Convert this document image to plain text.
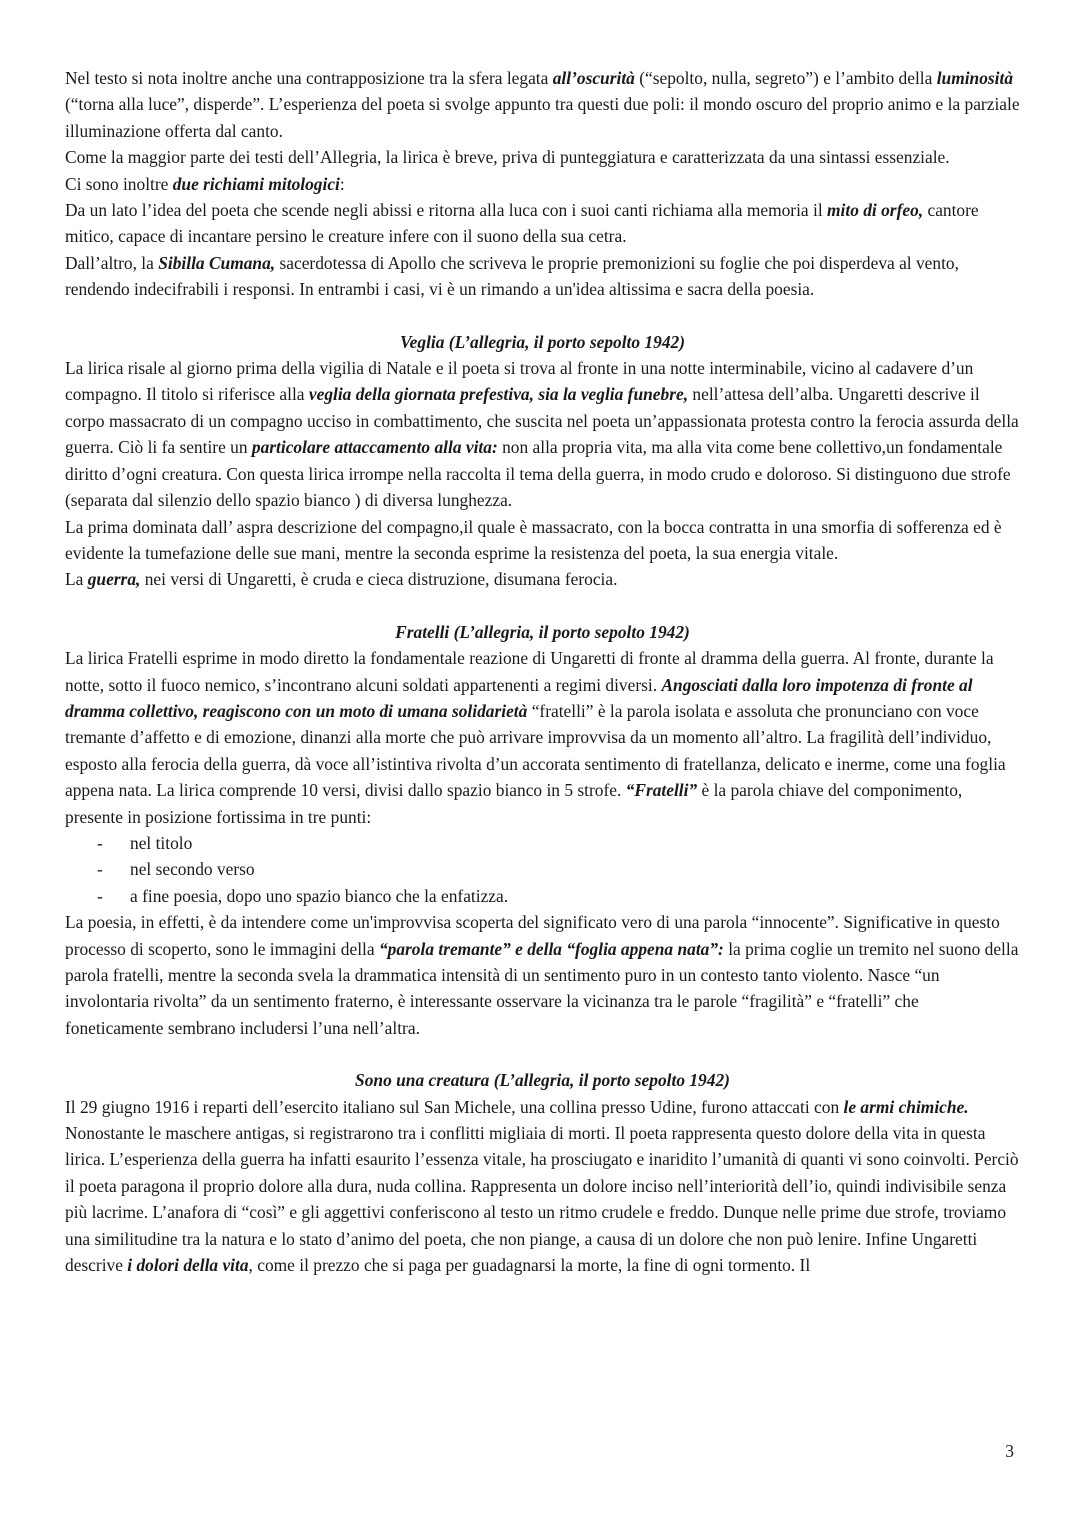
Nel testo si nota inoltre anche una contrapposizione tra la sfera legata all’oscurità (“sepolto, nulla, segreto”) e l’ambito della luminosità (“torna alla luce”, disperde”. L’esperienza del poeta si svolge appunto tra questi due poli: il mondo oscuro del proprio animo e la parziale illuminazione offerta dal canto.

Come la maggior parte dei testi dell’Allegria, la lirica è breve, priva di punteggiatura e caratterizzata da una sintassi essenziale.

Ci sono inoltre due richiami mitologici:

Da un lato l’idea del poeta che scende negli abissi e ritorna alla luca con i suoi canti richiama alla memoria il mito di orfeo, cantore mitico, capace di incantare persino le creature infere con il suono della sua cetra.

Dall’altro, la Sibilla Cumana, sacerdotessa di Apollo che scriveva le proprie premonizioni su foglie che poi disperdeva al vento, rendendo indecifrabili i responsi. In entrambi i casi, vi è un rimando a un'idea altissima e sacra della poesia.

Veglia (L’allegria, il porto sepolto 1942)

La lirica risale al giorno prima della vigilia di Natale e il poeta si trova al fronte in una notte interminabile, vicino al cadavere d’un compagno. Il titolo si riferisce alla veglia della giornata prefestiva, sia la veglia funebre, nell’attesa dell’alba. Ungaretti descrive il corpo massacrato di un compagno ucciso in combattimento, che suscita nel poeta un’appassionata protesta contro la ferocia assurda della guerra. Ciò li fa sentire un particolare attaccamento alla vita: non alla propria vita, ma alla vita come bene collettivo,un fondamentale diritto d’ogni creatura. Con questa lirica irrompe nella raccolta il tema della guerra, in modo crudo e doloroso. Si distinguono due strofe (separata dal silenzio dello spazio bianco ) di diversa lunghezza.

La prima dominata dall’ aspra descrizione del compagno,il quale è massacrato, con la bocca contratta in una smorfia di sofferenza ed è evidente la tumefazione delle sue mani, mentre la seconda esprime la resistenza del poeta, la sua energia vitale.

La guerra, nei versi di Ungaretti, è cruda e cieca distruzione, disumana ferocia.

Fratelli (L’allegria, il porto sepolto 1942)

La lirica Fratelli esprime in modo diretto la fondamentale reazione di Ungaretti di fronte al dramma della guerra. Al fronte, durante la notte, sotto il fuoco nemico, s’incontrano alcuni soldati appartenenti a regimi diversi. Angosciati dalla loro impotenza di fronte al dramma collettivo, reagiscono con un moto di umana solidarietà “fratelli” è la parola isolata e assoluta che pronunciano con voce tremante d’affetto e di emozione, dinanzi alla morte che può arrivare improvvisa da un momento all’altro. La fragilità dell’individuo, esposto alla ferocia della guerra, dà voce all’istintiva rivolta d’un accorata sentimento di fratellanza, delicato e inerme, come una foglia appena nata. La lirica comprende 10 versi, divisi dallo spazio bianco in 5 strofe. “Fratelli” è la parola chiave del componimento, presente in posizione fortissima in tre punti:

- nel titolo
- nel secondo verso
- a fine poesia, dopo uno spazio bianco che la enfatizza.

La poesia, in effetti, è da intendere come un'improvvisa scoperta del significato vero di una parola “innocente”. Significative in questo processo di scoperto, sono le immagini della “parola tremante” e della “foglia appena nata”: la prima coglie un tremito nel suono della parola fratelli, mentre la seconda svela la drammatica intensità di un sentimento puro in un contesto tanto violento. Nasce “un involontaria rivolta” da un sentimento fraterno, è interessante osservare la vicinanza tra le parole “fragilità” e “fratelli” che foneticamente sembrano includersi l’una nell’altra.

Sono una creatura (L’allegria, il porto sepolto 1942)

Il 29 giugno 1916 i reparti dell’esercito italiano sul San Michele, una collina presso Udine, furono attaccati con le armi chimiche. Nonostante le maschere antigas, si registrarono tra i conflitti migliaia di morti. Il poeta rappresenta questo dolore della vita in questa lirica. L’esperienza della guerra ha infatti esaurito l’essenza vitale, ha prosciugato e inaridito l’umanità di quanti vi sono coinvolti. Perciò il poeta paragona il proprio dolore alla dura, nuda collina. Rappresenta un dolore inciso nell’interiorità dell’io, quindi indivisibile senza più lacrime. L’anafora di “così” e gli aggettivi conferiscono al testo un ritmo crudele e freddo. Dunque nelle prime due strofe, troviamo una similitudine tra la natura e lo stato d’animo del poeta, che non piange, a causa di un dolore che non può lenire. Infine Ungaretti descrive i dolori della vita, come il prezzo che si paga per guadagnarsi la morte, la fine di ogni tormento. Il

3
